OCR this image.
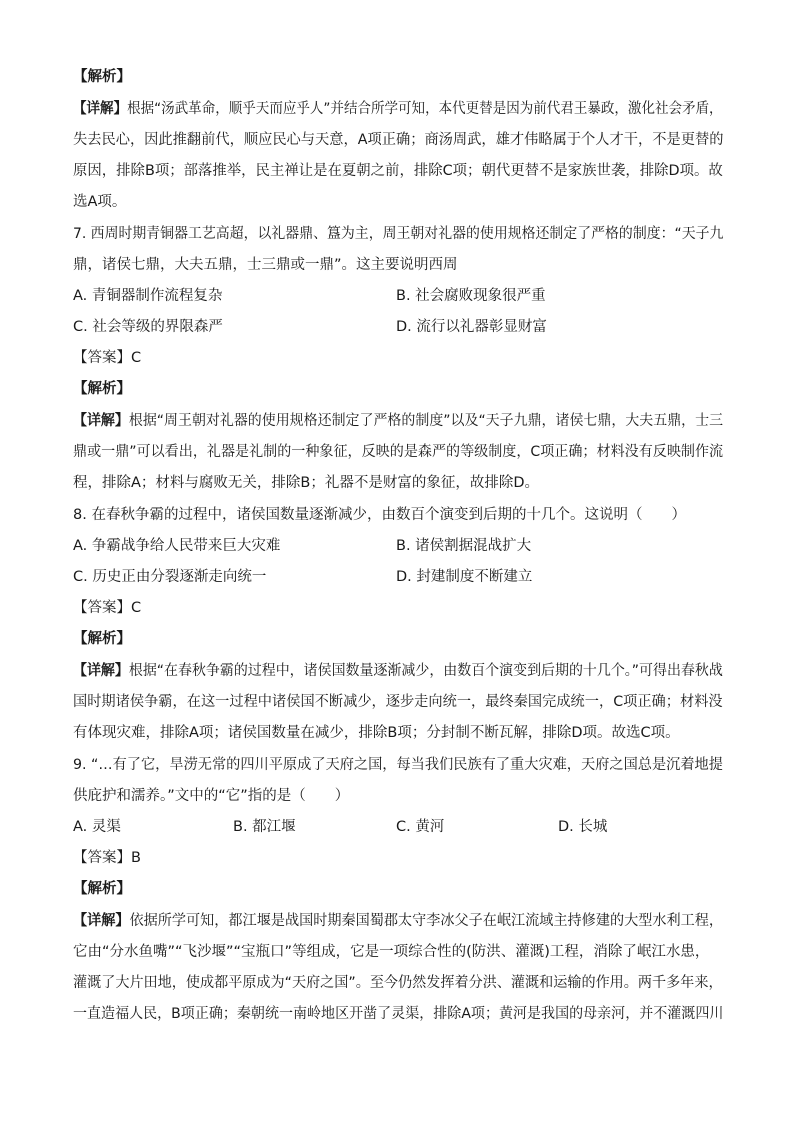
【解析】
【详解】根据“汤武革命，顺乎天而应乎人”并结合所学可知，本代更替是因为前代君王暴政，激化社会矛盾，
失去民心，因此推翻前代，顺应民心与天意，A项正确；商汤周武，雄才伟略属于个人才干，不是更替的
原因，排除B项；部落推举，民主禅让是在夏朝之前，排除C项；朝代更替不是家族世袭，排除D项。故
选A项。
7. 西周时期青铜器工艺高超，以礼器鼎、簋为主，周王朝对礼器的使用规格还制定了严格的制度：“天子九
鼎，诸侯七鼎，大夫五鼎，士三鼎或一鼎”。这主要说明西周
A. 青铜器制作流程复杂	B. 社会腐败现象很严重
C. 社会等级的界限森严	D. 流行以礼器彰显财富
【答案】C
【解析】
【详解】根据“周王朝对礼器的使用规格还制定了严格的制度”以及“天子九鼎，诸侯七鼎，大夫五鼎，士三
鼎或一鼎”可以看出，礼器是礼制的一种象征，反映的是森严的等级制度，C项正确；材料没有反映制作流
程，排除A；材料与腐败无关，排除B；礼器不是财富的象征，故排除D。
8. 在春秋争霸的过程中，诸侯国数量逐渐减少，由数百个演变到后期的十几个。这说明（　　）
A. 争霸战争给人民带来巨大灾难	B. 诸侯割据混战扩大
C. 历史正由分裂逐渐走向统一	D. 封建制度不断建立
【答案】C
【解析】
【详解】根据“在春秋争霸的过程中，诸侯国数量逐渐减少，由数百个演变到后期的十几个。”可得出春秋战
国时期诸侯争霸，在这一过程中诸侯国不断减少，逐步走向统一，最终秦国完成统一，C项正确；材料没
有体现灾难，排除A项；诸侯国数量在减少，排除B项；分封制不断瓦解，排除D项。故选C项。
9. “…有了它，旱涝无常的四川平原成了天府之国，每当我们民族有了重大灾难，天府之国总是沉着地提
供庇护和濡养。”文中的“它”指的是（　　）
A. 灵渠	B. 都江堰	C. 黄河	D. 长城
【答案】B
【解析】
【详解】依据所学可知，都江堰是战国时期秦国蜀郡太守李冰父子在岷江流域主持修建的大型水利工程，
它由“分水鱼嘴”“飞沙堰”“宝瓶口”等组成，它是一项综合性的(防洪、灌溉)工程，消除了岷江水患，
灌溉了大片田地，使成都平原成为“天府之国”。至今仍然发挥着分洪、灌溉和运输的作用。两千多年来，
一直造福人民，B项正确；秦朝统一南岭地区开凿了灵渠，排除A项；黄河是我国的母亲河，并不灌溉四川
